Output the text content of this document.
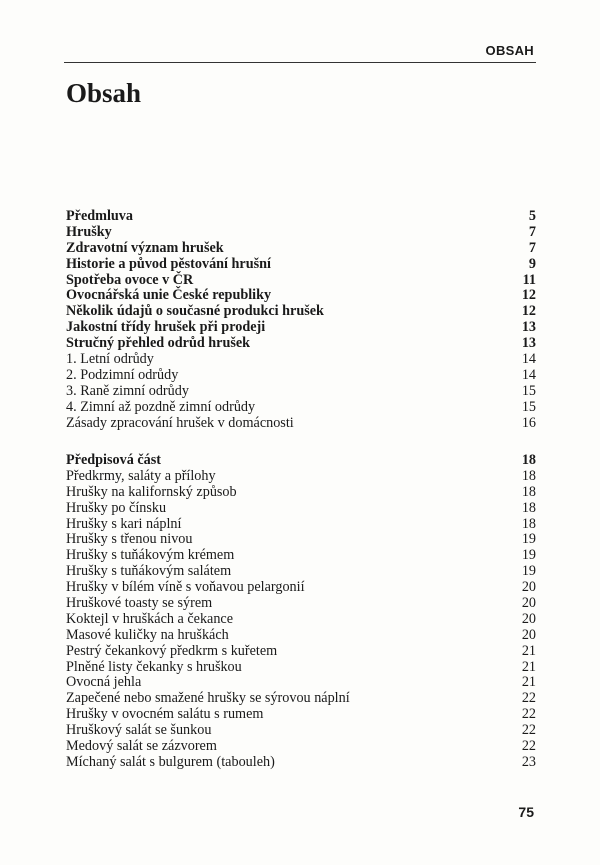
OBSAH
Obsah
Předmluva	5
Hrušky	7
Zdravotní význam hrušek	7
Historie a původ pěstování hrušní	9
Spotřeba ovoce v ČR	11
Ovocnářská unie České republiky	12
Několik údajů o současné produkci hrušek	12
Jakostní třídy hrušek při prodeji	13
Stručný přehled odrůd hrušek	13
1. Letní odrůdy	14
2. Podzimní odrůdy	14
3. Raně zimní odrůdy	15
4. Zimní až pozdně zimní odrůdy	15
Zásady zpracování hrušek v domácnosti	16
Předpisová část	18
Předkrmy, saláty a přílohy	18
Hrušky na kalifornský způsob	18
Hrušky po čínsku	18
Hrušky s kari náplní	18
Hrušky s třenou nivou	19
Hrušky s tuňákovým krémem	19
Hrušky s tuňákovým salátem	19
Hrušky v bílém víně s voňavou pelargonií	20
Hruškové toasty se sýrem	20
Koktejl v hruškách a čekance	20
Masové kuličky na hruškách	20
Pestrý čekankový předkrm s kuřetem	21
Plněné listy čekanky s hruškou	21
Ovocná jehla	21
Zapečené nebo smažené hrušky se sýrovou náplní	22
Hrušky v ovocném salátu s rumem	22
Hruškový salát se šunkou	22
Medový salát se zázvorem	22
Míchaný salát s bulgurem (tabouleh)	23
75
